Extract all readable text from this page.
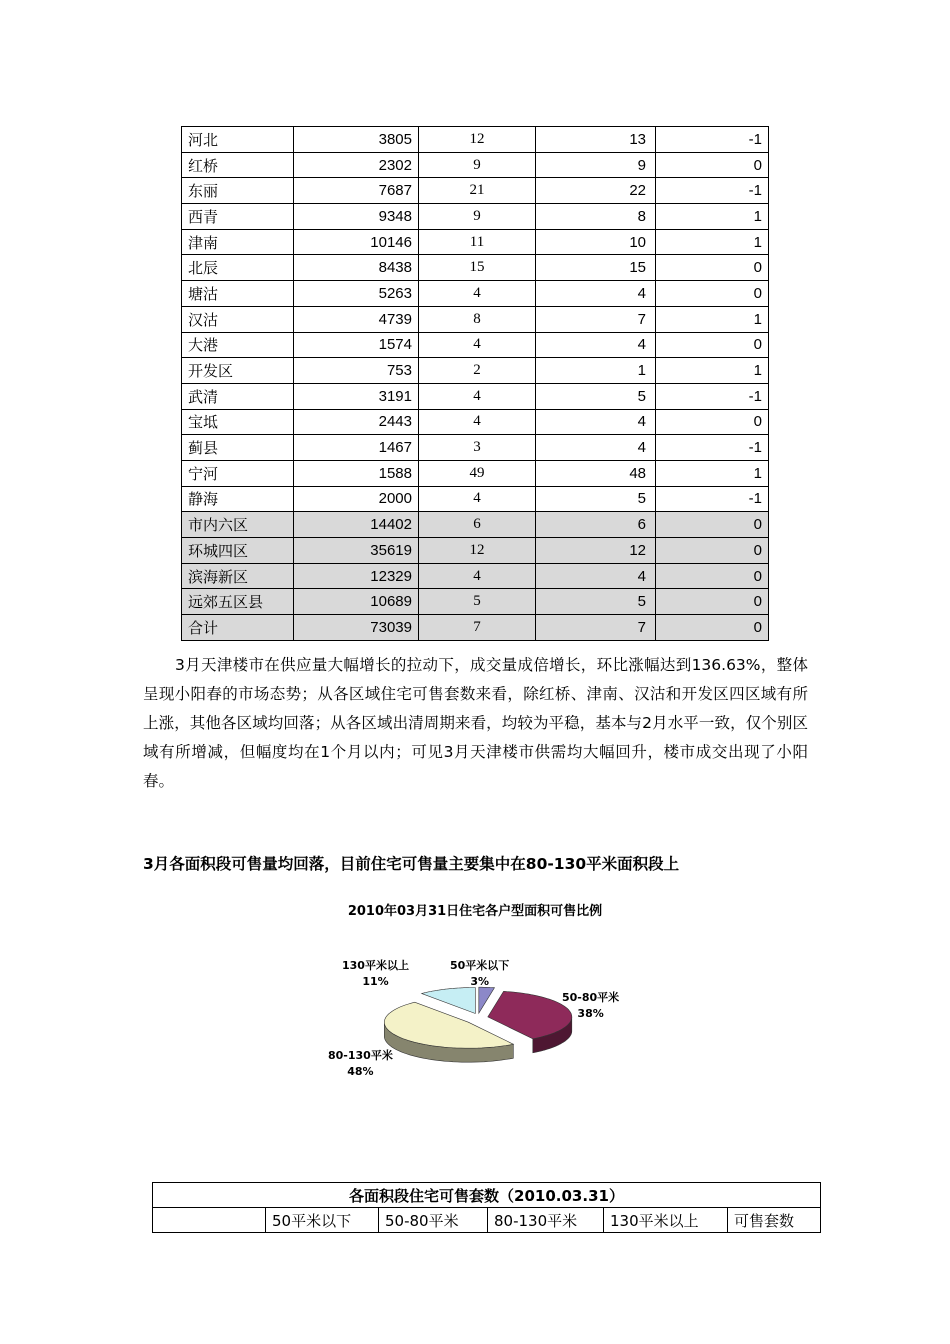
河北	3805	12	13	-1
红桥	2302	9	9	0
东丽	7687	21	22	-1
西青	9348	9	8	1
津南	10146	11	10	1
北辰	8438	15	15	0
塘沽	5263	4	4	0
汉沽	4739	8	7	1
大港	1574	4	4	0
开发区	753	2	1	1
武清	3191	4	5	-1
宝坻	2443	4	4	0
蓟县	1467	3	4	-1
宁河	1588	49	48	1
静海	2000	4	5	-1
市内六区	14402	6	6	0
环城四区	35619	12	12	0
滨海新区	12329	4	4	0
远郊五区县	10689	5	5	0
合计	73039	7	7	0
3月天津楼市在供应量大幅增长的拉动下，成交量成倍增长，环比涨幅达到136.63%，整体呈现小阳春的市场态势；从各区域住宅可售套数来看，除红桥、津南、汉沽和开发区四区域有所上涨，其他各区域均回落；从各区域出清周期来看，均较为平稳，基本与2月水平一致，仅个别区域有所增减，但幅度均在1个月以内；可见3月天津楼市供需均大幅回升，楼市成交出现了小阳春。
3月各面积段可售量均回落，目前住宅可售量主要集中在80-130平米面积段上
2010年03月31日住宅各户型面积可售比例
130平米以上
11%
50平米以下
3%
50-80平米
38%
80-130平米
48%
各面积段住宅可售套数（2010.03.31）
	50平米以下	50-80平米	80-130平米	130平米以上	可售套数
